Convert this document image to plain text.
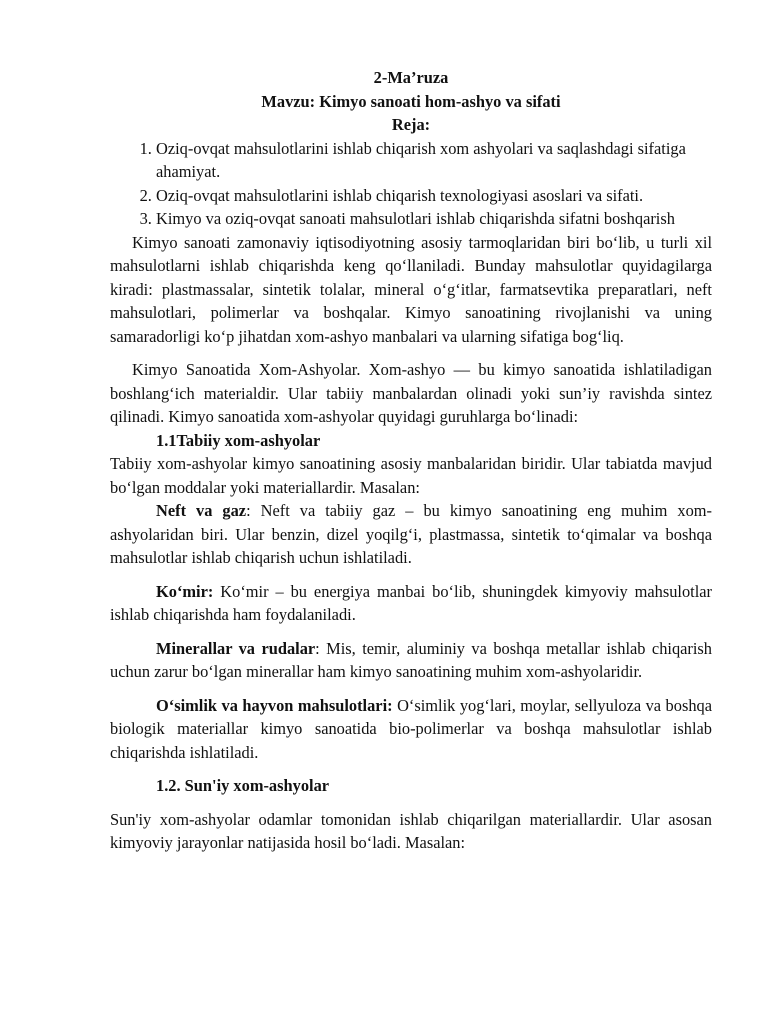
2-Ma’ruza
Mavzu: Kimyo sanoati hom-ashyo va sifati
Reja:
1. Oziq-ovqat mahsulotlarini ishlab chiqarish xom ashyolari va saqlashdagi sifatiga ahamiyat.
2. Oziq-ovqat mahsulotlarini ishlab chiqarish texnologiyasi asoslari va sifati.
3. Kimyo va oziq-ovqat sanoati mahsulotlari ishlab chiqarishda sifatni boshqarish

Kimyo sanoati zamonaviy iqtisodiyotning asosiy tarmoqlaridan biri bo‘lib, u turli xil mahsulotlarni ishlab chiqarishda keng qo‘llaniladi. Bunday mahsulotlar quyidagilarga kiradi: plastmassalar, sintetik tolalar, mineral o‘g‘itlar, farmatsevtika preparatlari, neft mahsulotlari, polimerlar va boshqalar. Kimyo sanoatining rivojlanishi va uning samaradorligi ko‘p jihatdan xom-ashyo manbalari va ularning sifatiga bog‘liq.

Kimyo Sanoatida Xom-Ashyolar. Xom-ashyo — bu kimyo sanoatida ishlatiladigan boshlang‘ich materialdir. Ular tabiiy manbalardan olinadi yoki sun’iy ravishda sintez qilinadi. Kimyo sanoatida xom-ashyolar quyidagi guruhlarga bo‘linadi:

1.1Tabiiy xom-ashyolar

Tabiiy xom-ashyolar kimyo sanoatining asosiy manbalaridan biridir. Ular tabiatda mavjud bo‘lgan moddalar yoki materiallardir. Masalan:

Neft va gaz: Neft va tabiiy gaz – bu kimyo sanoatining eng muhim xom-ashyolaridan biri. Ular benzin, dizel yoqilg‘i, plastmassa, sintetik to‘qimalar va boshqa mahsulotlar ishlab chiqarish uchun ishlatiladi.

Ko‘mir: Ko‘mir – bu energiya manbai bo‘lib, shuningdek kimyoviy mahsulotlar ishlab chiqarishda ham foydalaniladi.

Minerallar va rudalar: Mis, temir, aluminiy va boshqa metallar ishlab chiqarish uchun zarur bo‘lgan minerallar ham kimyo sanoatining muhim xom-ashyolaridir.

O‘simlik va hayvon mahsulotlari: O‘simlik yog‘lari, moylar, sellyuloza va boshqa biologik materiallar kimyo sanoatida bio-polimerlar va boshqa mahsulotlar ishlab chiqarishda ishlatiladi.

1.2. Sun'iy xom-ashyolar

Sun'iy xom-ashyolar odamlar tomonidan ishlab chiqarilgan materiallardir. Ular asosan kimyoviy jarayonlar natijasida hosil bo‘ladi. Masalan:
